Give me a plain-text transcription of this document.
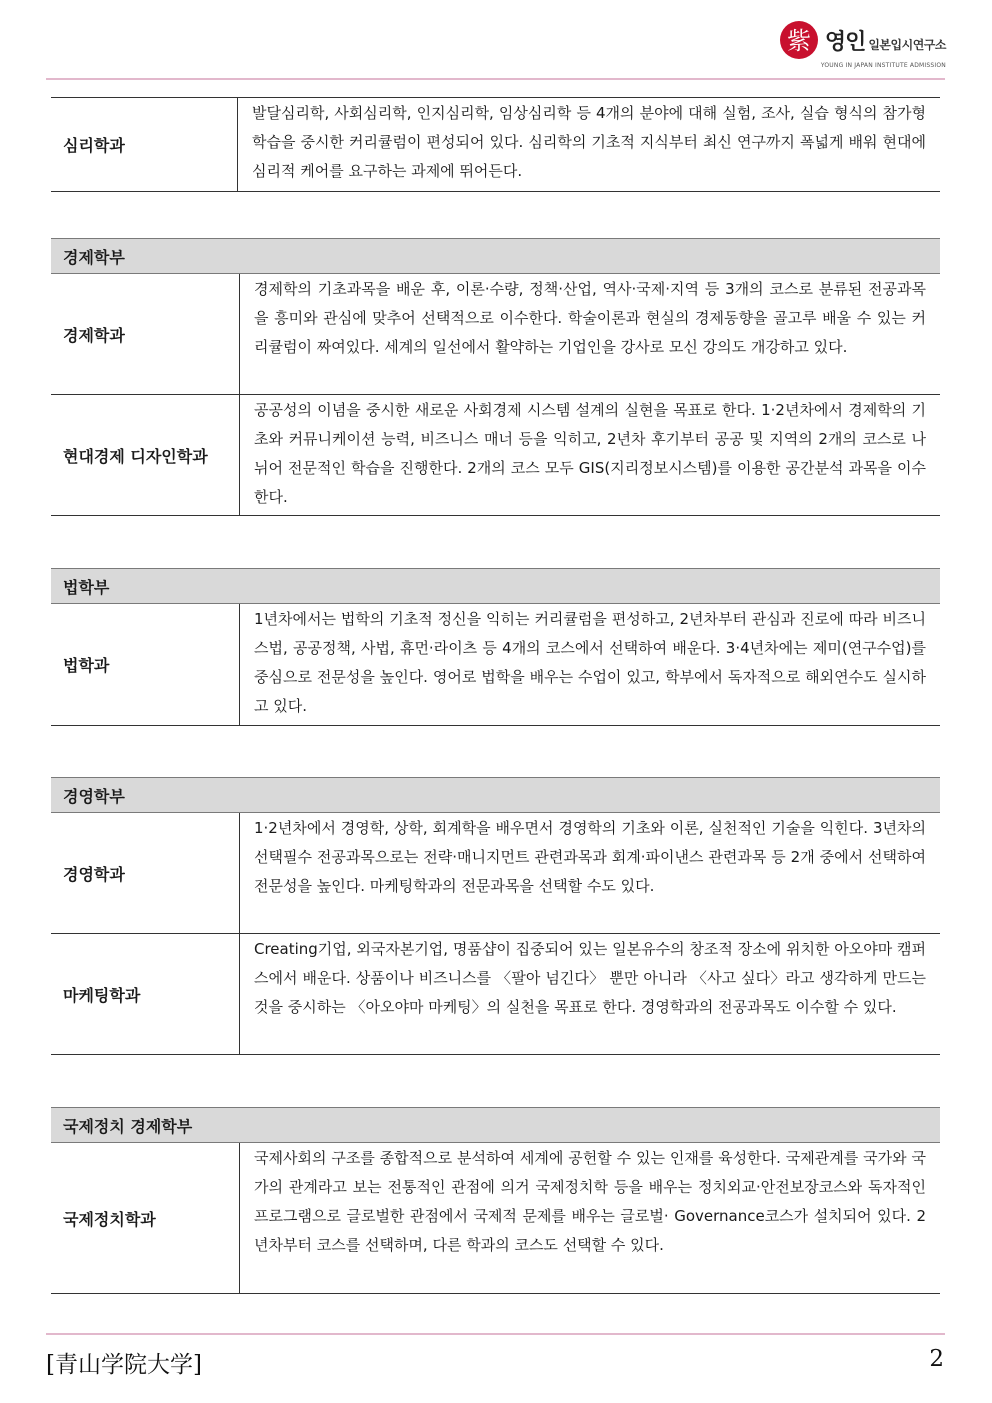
紫 영인 일본입시연구소
YOUNG IN JAPAN INSTITUTE ADMISSION
심리학과
발달심리학, 사회심리학, 인지심리학, 임상심리학 등 4개의 분야에 대해 실험, 조사, 실습 형식의 참가형 학습을 중시한 커리큘럼이 편성되어 있다. 심리학의 기초적 지식부터 최신 연구까지 폭넓게 배워 현대에 심리적 케어를 요구하는 과제에 뛰어든다.
경제학부
경제학과
경제학의 기초과목을 배운 후, 이론·수량, 정책·산업, 역사·국제·지역 등 3개의 코스로 분류된 전공과목을 흥미와 관심에 맞추어 선택적으로 이수한다. 학술이론과 현실의 경제동향을 골고루 배울 수 있는 커리큘럼이 짜여있다. 세계의 일선에서 활약하는 기업인을 강사로 모신 강의도 개강하고 있다.
현대경제 디자인학과
공공성의 이념을 중시한 새로운 사회경제 시스템 설계의 실현을 목표로 한다. 1·2년차에서 경제학의 기초와 커뮤니케이션 능력, 비즈니스 매너 등을 익히고, 2년차 후기부터 공공 및 지역의 2개의 코스로 나뉘어 전문적인 학습을 진행한다. 2개의 코스 모두 GIS(지리정보시스템)를 이용한 공간분석 과목을 이수한다.
법학부
법학과
1년차에서는 법학의 기초적 정신을 익히는 커리큘럼을 편성하고, 2년차부터 관심과 진로에 따라 비즈니스법, 공공정책, 사법, 휴먼·라이츠 등 4개의 코스에서 선택하여 배운다. 3·4년차에는 제미(연구수업)를 중심으로 전문성을 높인다. 영어로 법학을 배우는 수업이 있고, 학부에서 독자적으로 해외연수도 실시하고 있다.
경영학부
경영학과
1·2년차에서 경영학, 상학, 회계학을 배우면서 경영학의 기초와 이론, 실천적인 기술을 익힌다. 3년차의 선택필수 전공과목으로는 전략·매니지먼트 관련과목과 회계·파이낸스 관련과목 등 2개 중에서 선택하여 전문성을 높인다. 마케팅학과의 전문과목을 선택할 수도 있다.
마케팅학과
Creating기업, 외국자본기업, 명품샵이 집중되어 있는 일본유수의 창조적 장소에 위치한 아오야마 캠퍼스에서 배운다. 상품이나 비즈니스를 〈팔아 넘긴다〉 뿐만 아니라 〈사고 싶다〉라고 생각하게 만드는 것을 중시하는 〈아오야마 마케팅〉의 실천을 목표로 한다. 경영학과의 전공과목도 이수할 수 있다.
국제정치 경제학부
국제정치학과
국제사회의 구조를 종합적으로 분석하여 세계에 공헌할 수 있는 인재를 육성한다. 국제관계를 국가와 국가의 관계라고 보는 전통적인 관점에 의거 국제정치학 등을 배우는 정치외교·안전보장코스와 독자적인 프로그램으로 글로벌한 관점에서 국제적 문제를 배우는 글로벌· Governance코스가 설치되어 있다. 2년차부터 코스를 선택하며, 다른 학과의 코스도 선택할 수 있다.
[青山学院大学]	2
